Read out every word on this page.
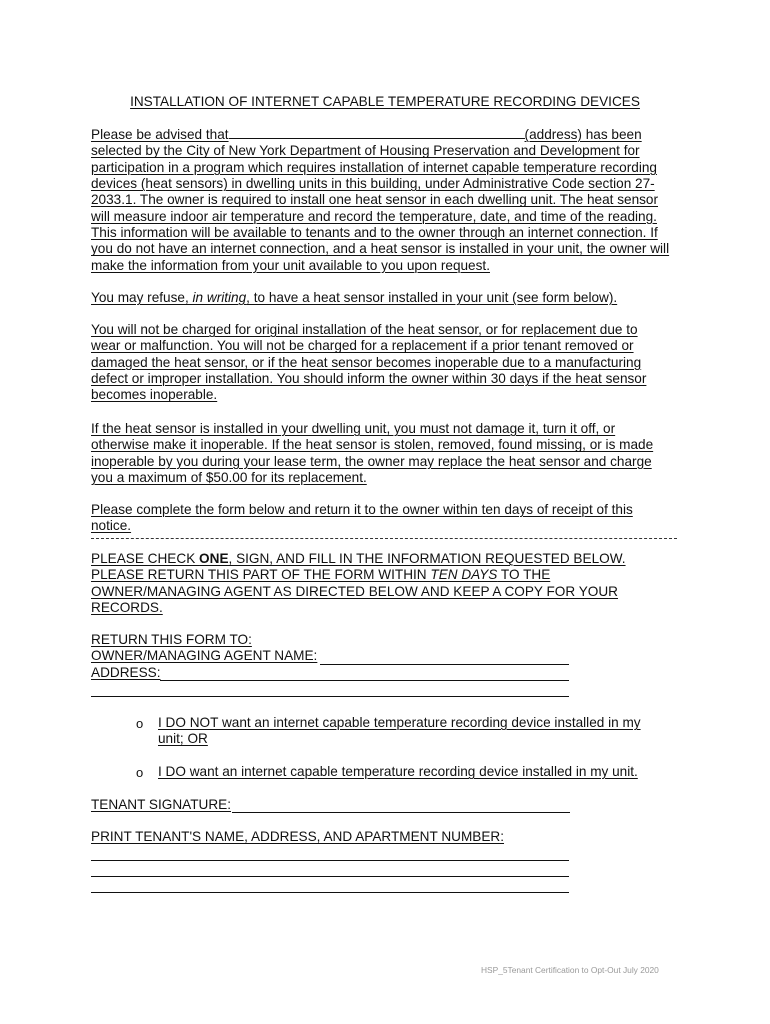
INSTALLATION OF INTERNET CAPABLE TEMPERATURE RECORDING DEVICES
Please be advised that	(address) has been
selected by the City of New York Department of Housing Preservation and Development for
participation in a program which requires installation of internet capable temperature recording
devices (heat sensors) in dwelling units in this building, under Administrative Code section 27-
2033.1. The owner is required to install one heat sensor in each dwelling unit. The heat sensor
will measure indoor air temperature and record the temperature, date, and time of the reading.
This information will be available to tenants and to the owner through an internet connection. If
you do not have an internet connection, and a heat sensor is installed in your unit, the owner will
make the information from your unit available to you upon request.
You may refuse, in writing, to have a heat sensor installed in your unit (see form below).
You will not be charged for original installation of the heat sensor, or for replacement due to
wear or malfunction. You will not be charged for a replacement if a prior tenant removed or
damaged the heat sensor, or if the heat sensor becomes inoperable due to a manufacturing
defect or improper installation. You should inform the owner within 30 days if the heat sensor
becomes inoperable.
If the heat sensor is installed in your dwelling unit, you must not damage it, turn it off, or
otherwise make it inoperable. If the heat sensor is stolen, removed, found missing, or is made
inoperable by you during your lease term, the owner may replace the heat sensor and charge
you a maximum of $50.00 for its replacement.
Please complete the form below and return it to the owner within ten days of receipt of this
notice.
PLEASE CHECK ONE, SIGN, AND FILL IN THE INFORMATION REQUESTED BELOW.
PLEASE RETURN THIS PART OF THE FORM WITHIN TEN DAYS TO THE
OWNER/MANAGING AGENT AS DIRECTED BELOW AND KEEP A COPY FOR YOUR
RECORDS.
RETURN THIS FORM TO:
OWNER/MANAGING AGENT NAME:
ADDRESS:
o I DO NOT want an internet capable temperature recording device installed in my
unit; OR
o I DO want an internet capable temperature recording device installed in my unit.
TENANT SIGNATURE:
PRINT TENANT'S NAME, ADDRESS, AND APARTMENT NUMBER:
HSP_5Tenant Certification to Opt-Out July 2020
